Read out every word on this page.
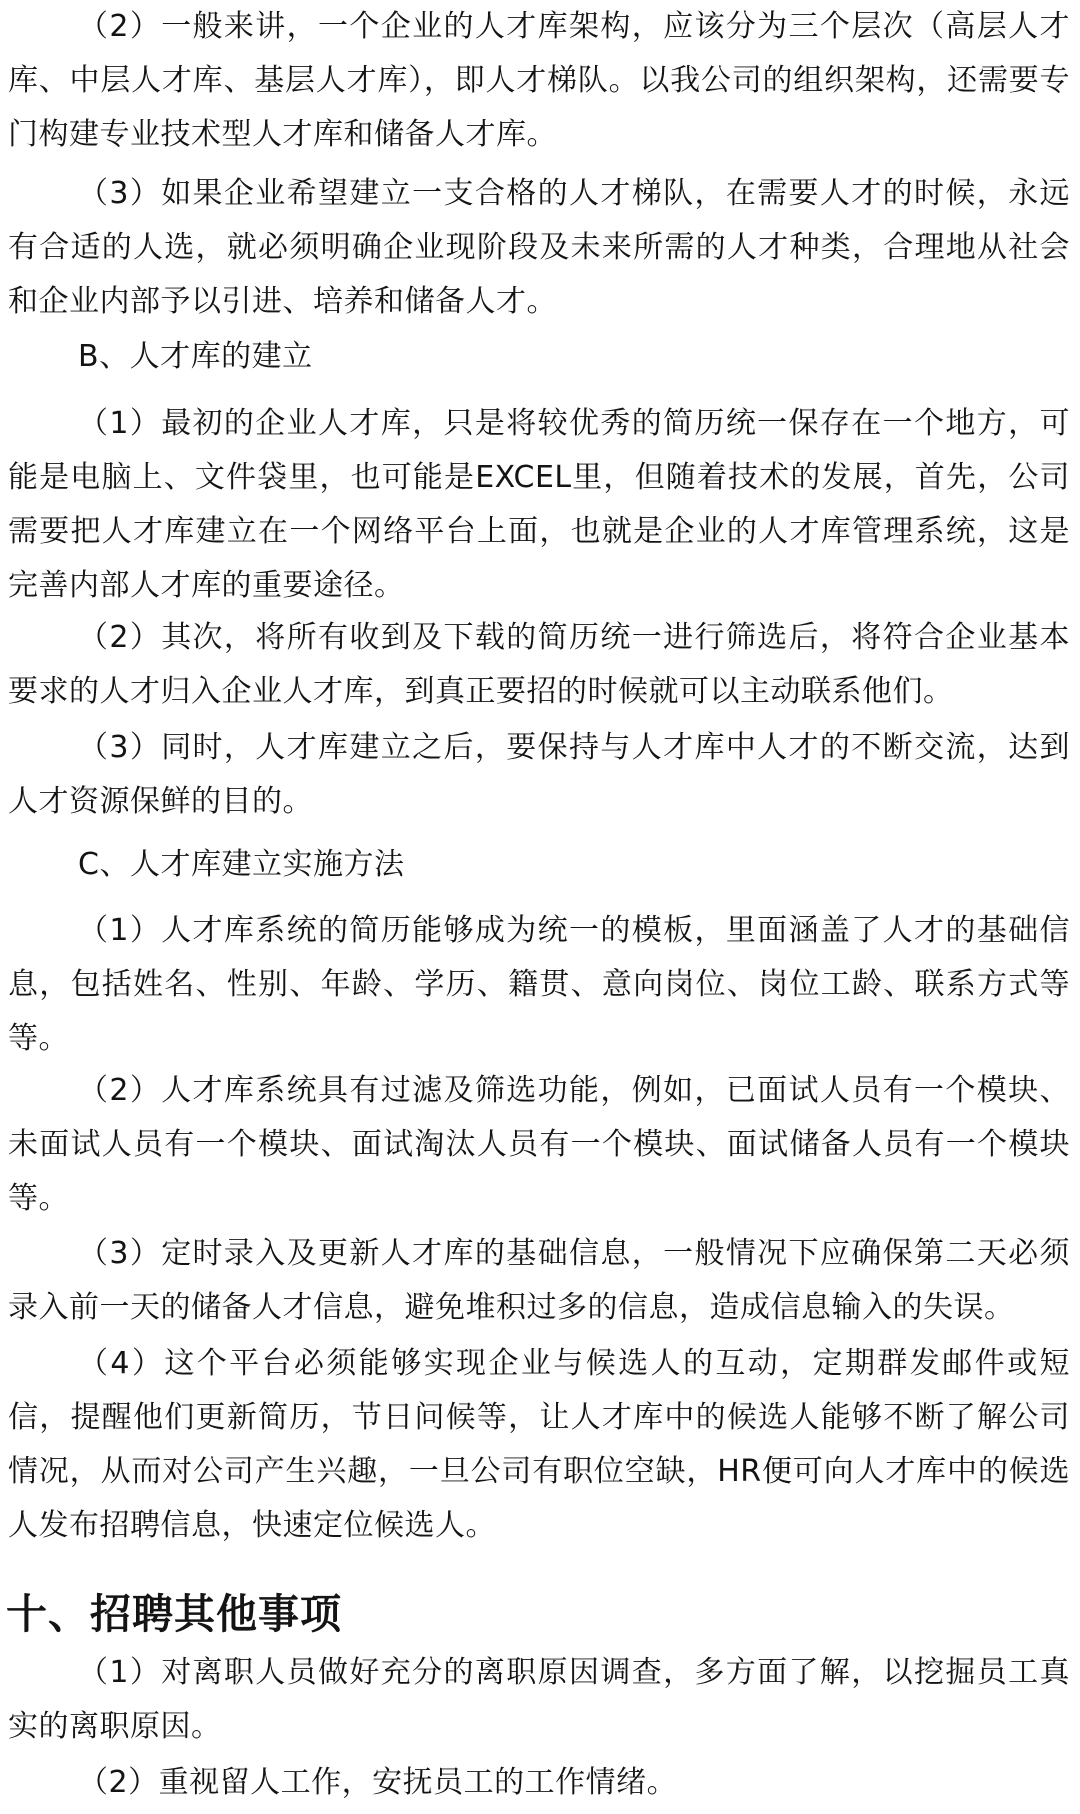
（2）一般来讲，一个企业的人才库架构，应该分为三个层次（高层人才库、中层人才库、基层人才库），即人才梯队。以我公司的组织架构，还需要专门构建专业技术型人才库和储备人才库。

（3）如果企业希望建立一支合格的人才梯队，在需要人才的时候，永远有合适的人选，就必须明确企业现阶段及未来所需的人才种类，合理地从社会和企业内部予以引进、培养和储备人才。

B、人才库的建立

（1）最初的企业人才库，只是将较优秀的简历统一保存在一个地方，可能是电脑上、文件袋里，也可能是EXCEL里，但随着技术的发展，首先，公司需要把人才库建立在一个网络平台上面，也就是企业的人才库管理系统，这是完善内部人才库的重要途径。

（2）其次，将所有收到及下载的简历统一进行筛选后，将符合企业基本要求的人才归入企业人才库，到真正要招的时候就可以主动联系他们。

（3）同时，人才库建立之后，要保持与人才库中人才的不断交流，达到人才资源保鲜的目的。

C、人才库建立实施方法

（1）人才库系统的简历能够成为统一的模板，里面涵盖了人才的基础信息，包括姓名、性别、年龄、学历、籍贯、意向岗位、岗位工龄、联系方式等等。

（2）人才库系统具有过滤及筛选功能，例如，已面试人员有一个模块、未面试人员有一个模块、面试淘汰人员有一个模块、面试储备人员有一个模块等。

（3）定时录入及更新人才库的基础信息，一般情况下应确保第二天必须录入前一天的储备人才信息，避免堆积过多的信息，造成信息输入的失误。

（4）这个平台必须能够实现企业与候选人的互动，定期群发邮件或短信，提醒他们更新简历，节日问候等，让人才库中的候选人能够不断了解公司情况，从而对公司产生兴趣，一旦公司有职位空缺，HR便可向人才库中的候选人发布招聘信息，快速定位候选人。

十、招聘其他事项

（1）对离职人员做好充分的离职原因调查，多方面了解，以挖掘员工真实的离职原因。

（2）重视留人工作，安抚员工的工作情绪。
